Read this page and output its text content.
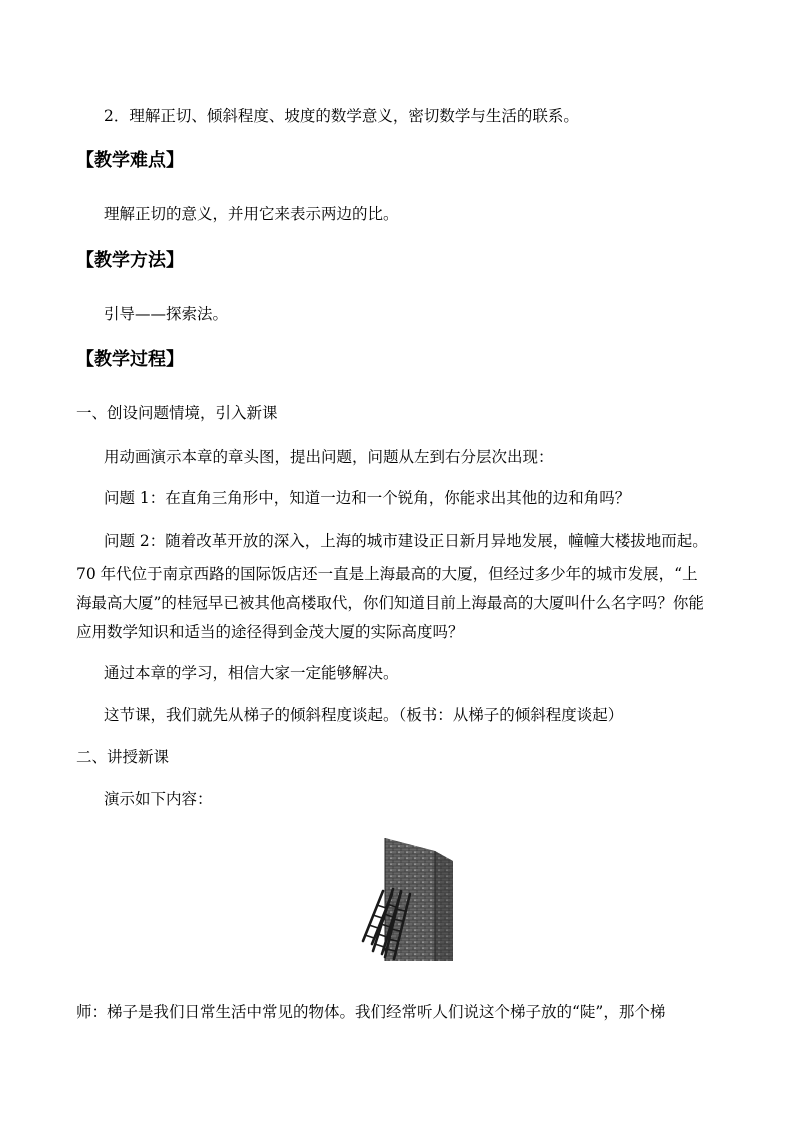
2．理解正切、倾斜程度、坡度的数学意义，密切数学与生活的联系。
【教学难点】
理解正切的意义，并用它来表示两边的比。
【教学方法】
引导——探索法。
【教学过程】
一、创设问题情境，引入新课
用动画演示本章的章头图，提出问题，问题从左到右分层次出现：
问题 1：在直角三角形中，知道一边和一个锐角，你能求出其他的边和角吗？
问题 2：随着改革开放的深入，上海的城市建设正日新月异地发展，幢幢大楼拔地而起。
70 年代位于南京西路的国际饭店还一直是上海最高的大厦，但经过多少年的城市发展，“上
海最高大厦”的桂冠早已被其他高楼取代，你们知道目前上海最高的大厦叫什么名字吗？你能
应用数学知识和适当的途径得到金茂大厦的实际高度吗？
通过本章的学习，相信大家一定能够解决。
这节课，我们就先从梯子的倾斜程度谈起。（板书：从梯子的倾斜程度谈起）
二、讲授新课
演示如下内容：
师：梯子是我们日常生活中常见的物体。我们经常听人们说这个梯子放的“陡”，那个梯
